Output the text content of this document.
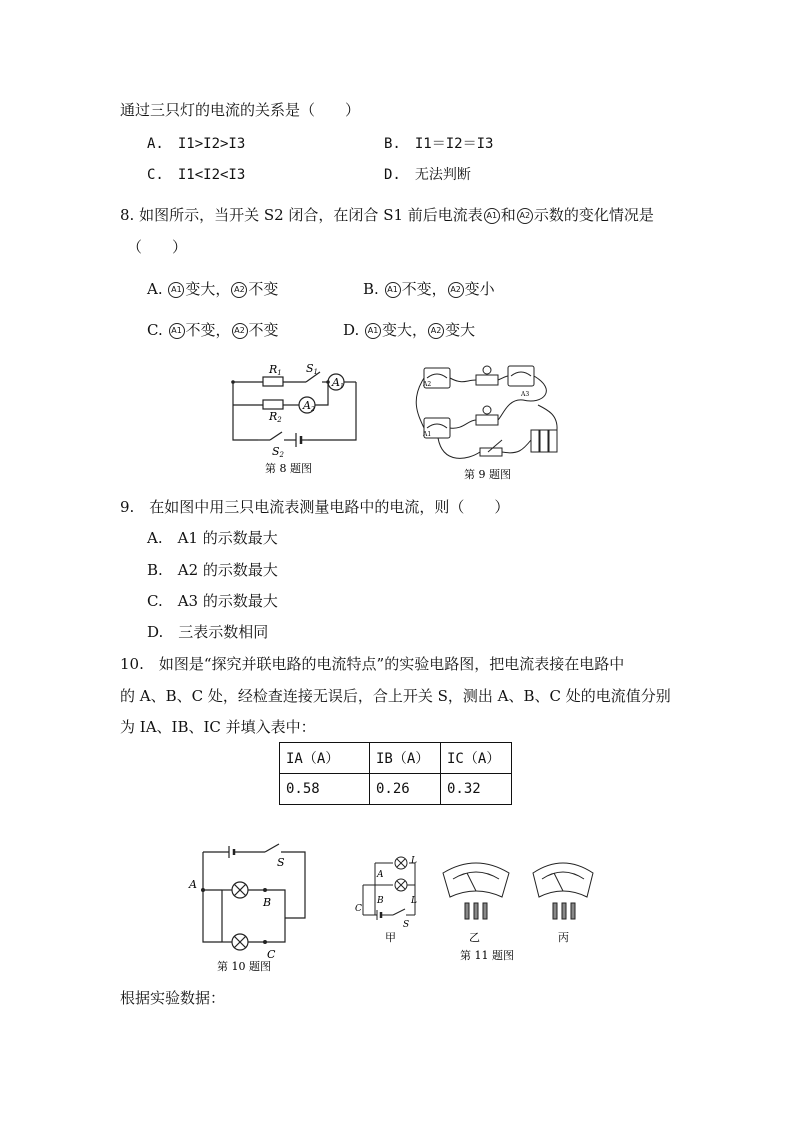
通过三只灯的电流的关系是（　　）
A.　I1>I2>I3	B.　I1＝I2＝I3
C.　I1<I2<I3	D.　无法判断
8. 如图所示，当开关 S2 闭合，在闭合 S1 前后电流表 A1 和 A2 示数的变化情况是
（　　）
A. A1 变大， A2 不变	B. A1 不变， A2 变小
C. A1 不变， A2 不变	D. A1 变大， A2 变大
R1
R2
S1
A1
A2
S2
第 8 题图
A2
A3
A1
第 9 题图
9.　在如图中用三只电流表测量电路中的电流，则（　　）
A.　A1 的示数最大
B.　A2 的示数最大
C.　A3 的示数最大
D.　三表示数相同
10.　如图是“探究并联电路的电流特点”的实验电路图，把电流表接在电路中
的 A、B、C 处，经检查连接无误后，合上开关 S，测出 A、B、C 处的电流值分别
为 IA、IB、IC 并填入表中：
IA（A）	IB（A）	IC（A）
0.58	0.26	0.32
A
B
C
S
第 10 题图
A
B
C
L
L
S
甲	乙	丙
第 11 题图
根据实验数据：
